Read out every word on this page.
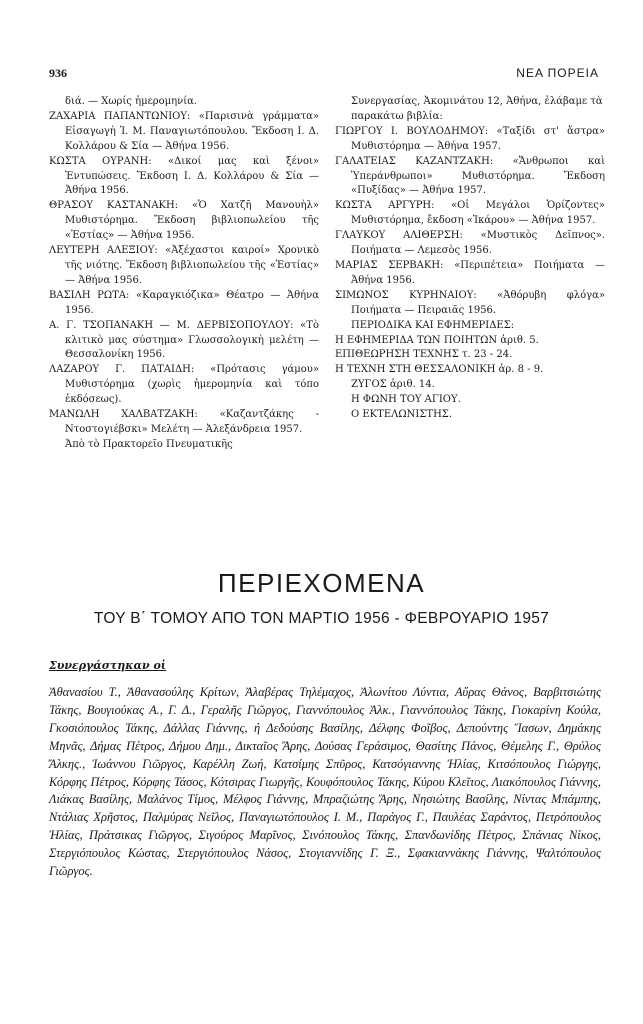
936	ΝΕΑ ΠΟΡΕΙΑ
διά. — Χωρίς ἡμερομηνία.
ΖΑΧΑΡΙΑ ΠΑΠΑΝΤΩΝΙΟΥ: «Παρισινὰ γράμματα» Εἰσαγωγὴ Ἰ. Μ. Παναγιωτόπουλου. Ἔκδοση Ι. Δ. Κολλάρου & Σία — Ἀθήνα 1956.
ΚΩΣΤΑ ΟΥΡΑΝΗ: «Δικοί μας καὶ ξένοι» Ἐντυπώσεις. Ἔκδοση Ι. Δ. Κολλάρου & Σία — Ἀθήνα 1956.
ΘΡΑΣΟΥ ΚΑΣΤΑΝΑΚΗ: «Ὁ Χατζῆ Μανουὴλ» Μυθιστόρημα. Ἔκδοση βιβλιοπωλείου τῆς «Ἑστίας» — Ἀθήνα 1956.
ΛΕΥΤΕΡΗ ΑΛΕΞΙΟΥ: «Ἀξέχαστοι καιροί» Χρονικὸ τῆς νιότης. Ἔκδοση βιβλιοπωλείου τῆς «Ἑστίας» — Ἀθήνα 1956.
ΒΑΣΙΛΗ ΡΩΤΑ: «Καραγκιόζικα» Θέατρο — Ἀθήνα 1956.
Α. Γ. ΤΣΟΠΑΝΑΚΗ — Μ. ΔΕΡΒΙΣΟΠΟΥΛΟΥ: «Τὸ κλιτικὸ μας σύστημα» Γλωσσολογικὴ μελέτη — Θεσσαλονίκη 1956.
ΛΑΖΑΡΟΥ Γ. ΠΑΤΑΙΔΗ: «Πρότασις γάμου» Μυθιστόρημα (χωρὶς ἡμερομηνία καὶ τόπο ἐκδόσεως).
ΜΑΝΩΛΗ ΧΑΛΒΑΤΖΑΚΗ: «Καζαντζάκης - Ντοστογιέβσκι» Μελέτη — Ἀλεξάνδρεια 1957.
Ἀπὸ τὸ Πρακτορεῖο Πνευματικῆς
Συνεργασίας, Ἀκομινάτου 12, Ἀθήνα, ἐλάβαμε τὰ παρακάτω βιβλία:
ΓΙΩΡΓΟΥ Ι. ΒΟΥΛΟΔΗΜΟΥ: «Ταξίδι στ' ἄστρα» Μυθιστόρημα — Ἀθήνα 1957.
ΓΑΛΑΤΕΙΑΣ ΚΑΖΑΝΤΖΑΚΗ: «Ἄνθρωποι καὶ Ὑπεράνθρωποι» Μυθιστόρημα. Ἔκδοση «Πυξίδας» — Ἀθήνα 1957.
ΚΩΣΤΑ ΑΡΓΥΡΗ: «Οἱ Μεγάλοι Ὁρίζοντες» Μυθιστόρημα, ἔκδοση «Ἰκάρου» — Ἀθήνα 1957.
ΓΛΑΥΚΟΥ ΑΛΙΘΕΡΣΗ: «Μυστικὸς Δεῖπνος». Ποιήματα — Λεμεσὸς 1956.
ΜΑΡΙΑΣ ΣΕΡΒΑΚΗ: «Περιπέτεια» Ποιήματα — Ἀθήνα 1956.
ΣΙΜΩΝΟΣ ΚΥΡΗΝΑΙΟΥ: «Ἀθόρυβη φλόγα» Ποιήματα — Πειραιᾶς 1956.
ΠΕΡΙΟΔΙΚΑ ΚΑΙ ΕΦΗΜΕΡΙΔΕΣ:
Η ΕΦΗΜΕΡΙΔΑ ΤΩΝ ΠΟΙΗΤΩΝ ἀριθ. 5.
ΕΠΙΘΕΩΡΗΣΗ ΤΕΧΝΗΣ τ. 23 - 24.
Η ΤΕΧΝΗ ΣΤΗ ΘΕΣΣΑΛΟΝΙΚΗ ἀρ. 8 - 9.
ΖΥΓΟΣ ἀριθ. 14.
Η ΦΩΝΗ ΤΟΥ ΑΓΙΟΥ.
Ο ΕΚΤΕΛΩΝΙΣΤΗΣ.
ΠΕΡΙΕΧΟΜΕΝΑ
ΤΟΥ Β΄ ΤΟΜΟΥ ΑΠΟ ΤΟΝ ΜΑΡΤΙΟ 1956 - ΦΕΒΡΟΥΑΡΙΟ 1957
Συνεργάστηκαν οἱ
Ἀθανασίου Τ., Ἀθανασούλης Κρίτων, Ἀλαβέρας Τηλέμαχος, Ἀλωνίτου Λύντια, Αὔρας Θάνος, Βαρβιτσιώτης Τάκης, Βουγιούκας Α., Γ. Δ., Γεραλῆς Γιῶργος, Γιαννόπουλος Ἀλκ., Γιαννόπουλος Τάκης, Γιοκαρίνη Κούλα, Γκοσιόπουλος Τάκης, Δάλλας Γιάννης, ή Δεδούσης Βασίλης, Δέλφης Φοῖβος, Δεπούντης Ἴασων, Δημάκης Μηνᾶς, Δήμας Πέτρος, Δήμου Δημ., Δικταῖος Ἄρης, Δούσας Γεράσιμος, Θασίτης Πάνος, Θέμελης Γ., Θρύλος Ἄλκης., Ἰωάννου Γιῶργος, Καρέλλη Ζωή, Κατσίμης Σπῦρος, Κατσόγιαννης Ἠλίας, Κιτσόπουλος Γιώργης, Κόρφης Πέτρος, Κόρφης Τάσος, Κότσιρας Γιωργῆς, Κουφόπουλος Τάκης, Κύρου Κλεῖτος, Λιακόπουλος Γιάννης, Λιάκας Βασίλης, Μαλάνος Τίμος, Μέλφος Γιάννης, Μπραζιώτης Ἄρης, Νησιώτης Βασίλης, Νίντας Μπάμπης, Ντάλιας Χρῆστος, Παλμύρας Νεῖλος, Παναγιωτόπουλος Ι. Μ., Παράγος Γ., Παυλέας Σαράντος, Πετρόπουλος Ἠλίας, Πράτσικας Γιῶργος, Σιγούρος Μαρῖνος, Σινόπουλος Τάκης, Σπανδωνίδης Πέτρος, Σπάνιας Νίκος, Στεργιόπουλος Κώστας, Στεργιόπουλος Νάσος, Στογιαννίδης Γ. Ξ., Σφακιαννάκης Γιάννης, Ψαλτόπουλος Γιῶργος.
